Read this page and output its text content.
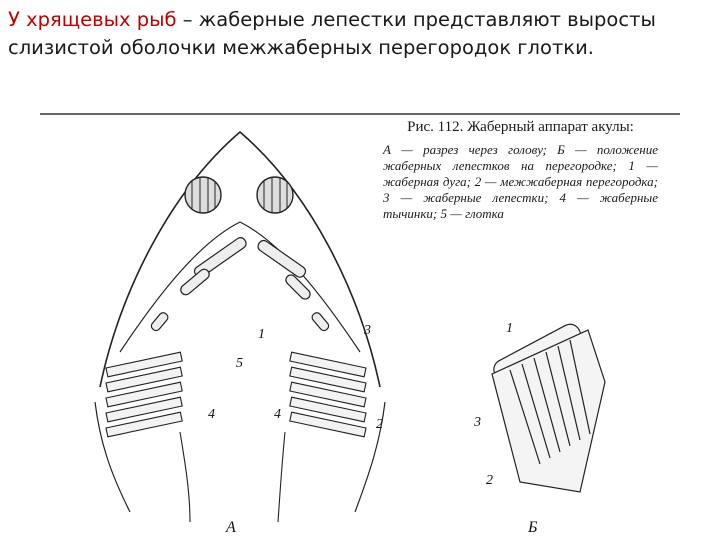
У хрящевых рыб – жаберные лепестки представляют выросты слизистой оболочки межжаберных перегородок глотки.
1	3
5
4	4
2
А
1
3
2
Б
Рис. 112. Жаберный аппарат акулы:
А — разрез через голову; Б — положение жаберных лепестков на перегородке; 1 — жаберная дуга; 2 — межжаберная перегородка; 3 — жаберные лепестки; 4 — жаберные тычинки; 5 — глотка
